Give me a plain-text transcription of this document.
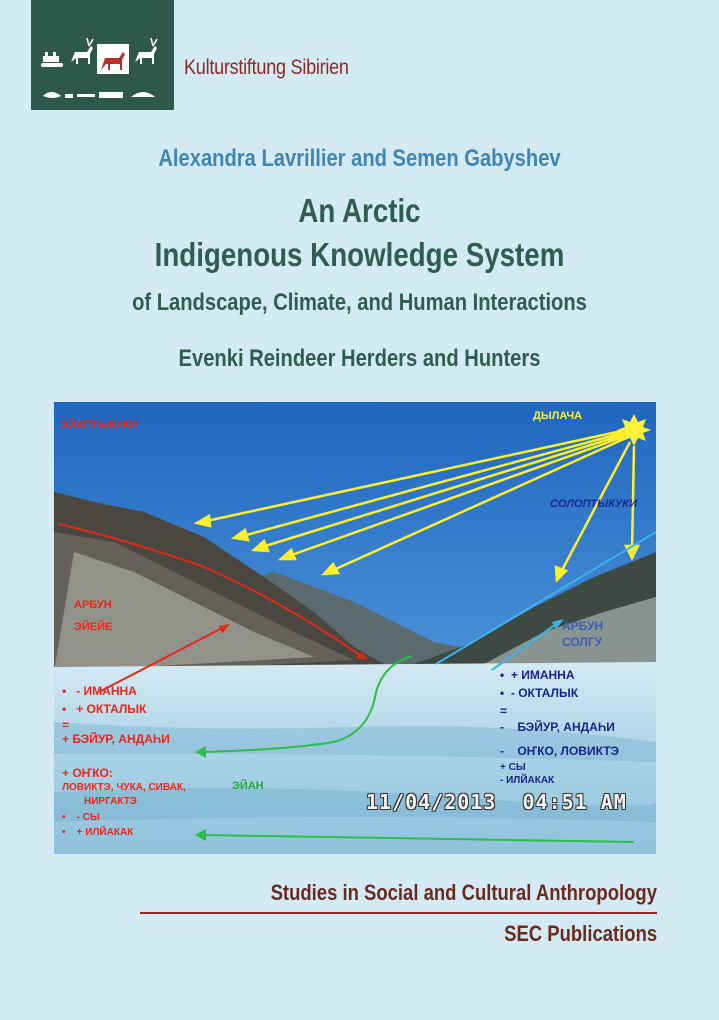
Kulturstiftung Sibirien
Alexandra Lavrillier and Semen Gabyshev
An Arctic
Indigenous Knowledge System
of Landscape, Climate, and Human Interactions
Evenki Reindeer Herders and Hunters
ДЫЛАЧА
ЭЙАПТЫКУКИ
СОЛОПТЫКУКИ
АРБУН
ЭЙЕЙЕ	АРБУН
СОЛГУ
ЭЙАН
•   - ИМАННА
•   + ОКТАЛЫК
=
+ БЭЙУР, АНДАҺИ
+ ОҤКО:
ЛОВИКТЭ, ЧУКА, СИВАК,
НИРГАКТЭ
•    - СЫ
•    + ИЛЙАКАК
•  + ИМАННА
•  - ОКТАЛЫК
=
-    БЭЙУР, АНДАҺИ
-    ОҤКО, ЛОВИКТЭ
+ СЫ
- ИЛЙАКАК
11/04/2013  04:51 AM
Studies in Social and Cultural Anthropology
SEC Publications
